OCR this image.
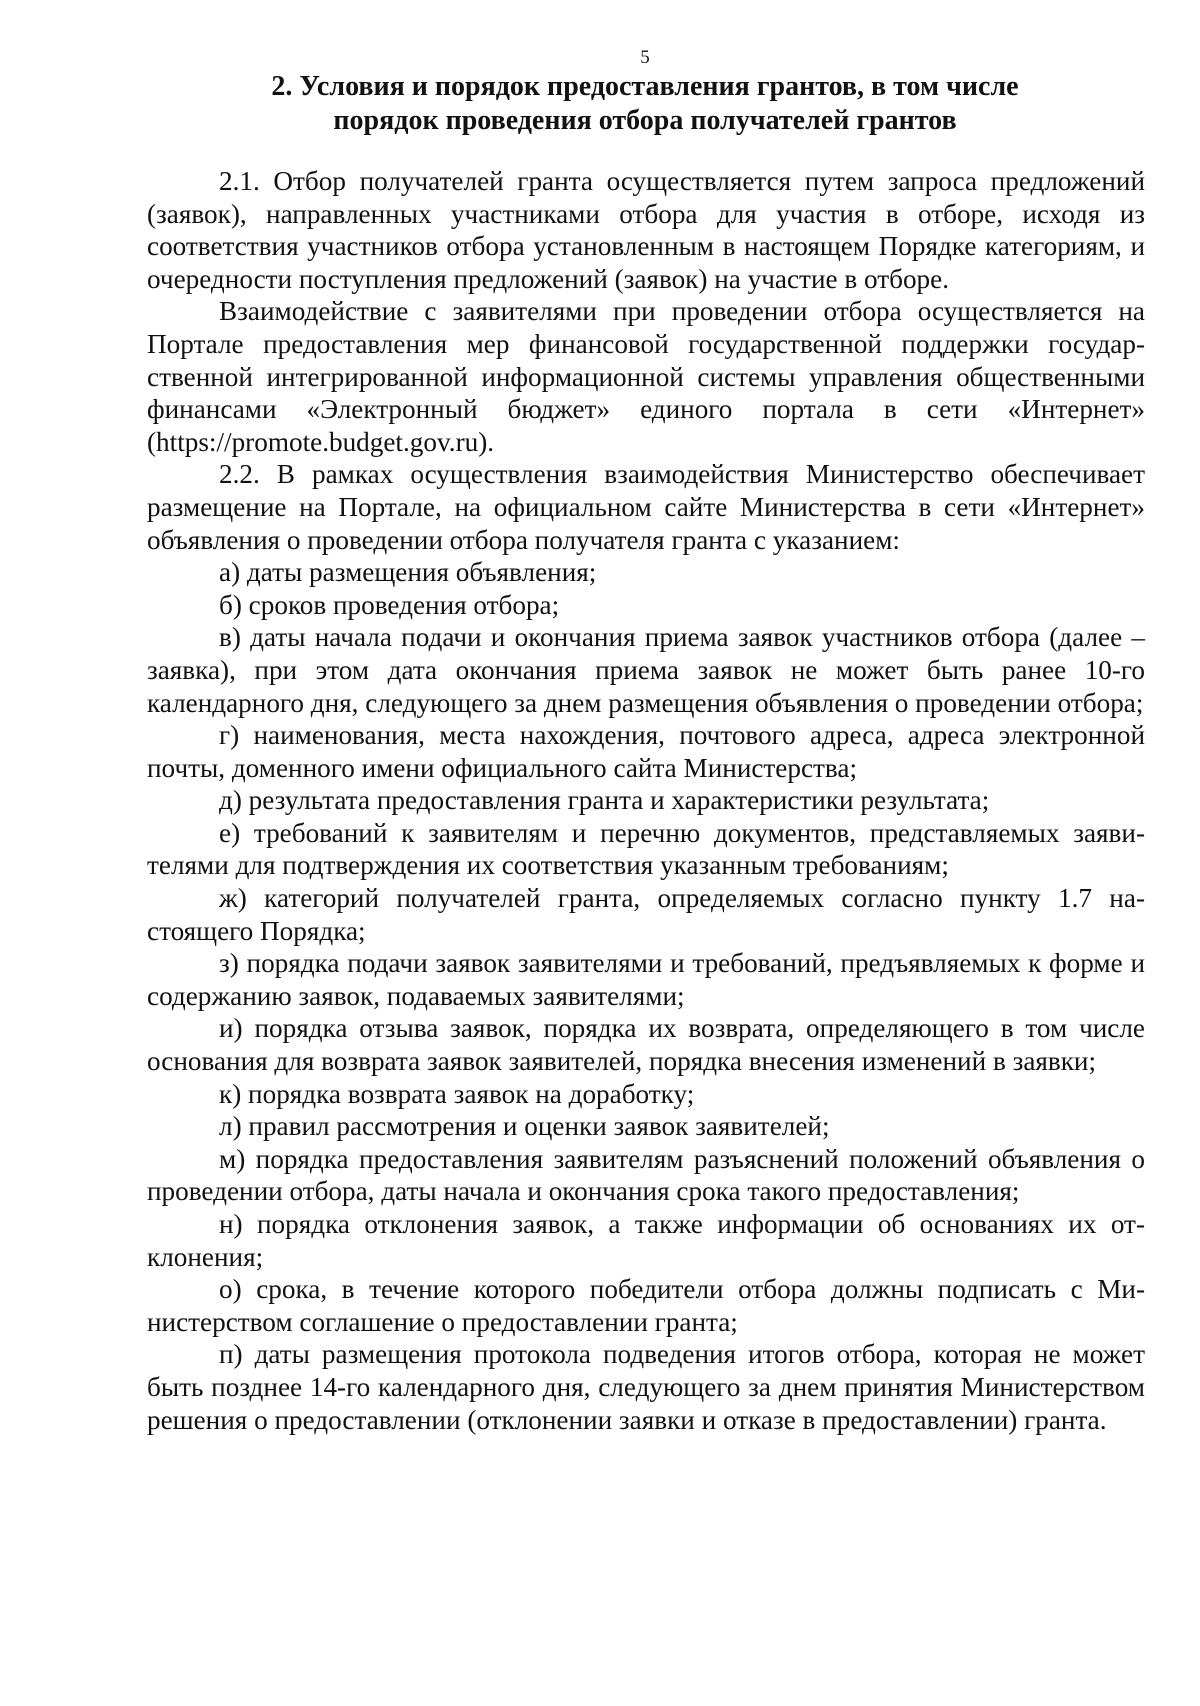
5
2. Условия и порядок предоставления грантов, в том числе
порядок проведения отбора получателей грантов

2.1. Отбор получателей гранта осуществляется путем запроса предложений (заявок), направленных участниками отбора для участия в отборе, исходя из соответствия участников отбора установленным в настоящем Порядке категориям, и очередности поступления предложений (заявок) на участие в отборе.

Взаимодействие с заявителями при проведении отбора осуществляется на Портале предоставления мер финансовой государственной поддержки государственной интегрированной информационной системы управления общественными финансами «Электронный бюджет» единого портала в сети «Интернет» (https://promote.budget.gov.ru).

2.2. В рамках осуществления взаимодействия Министерство обеспечивает размещение на Портале, на официальном сайте Министерства в сети «Интернет» объявления о проведении отбора получателя гранта с указанием:

а) даты размещения объявления;

б) сроков проведения отбора;

в) даты начала подачи и окончания приема заявок участников отбора (далее – заявка), при этом дата окончания приема заявок не может быть ранее 10-го календарного дня, следующего за днем размещения объявления о проведении отбора;

г) наименования, места нахождения, почтового адреса, адреса электронной почты, доменного имени официального сайта Министерства;

д) результата предоставления гранта и характеристики результата;

е) требований к заявителям и перечню документов, представляемых заявителями для подтверждения их соответствия указанным требованиям;

ж) категорий получателей гранта, определяемых согласно пункту 1.7 настоящего Порядка;

з) порядка подачи заявок заявителями и требований, предъявляемых к форме и содержанию заявок, подаваемых заявителями;

и) порядка отзыва заявок, порядка их возврата, определяющего в том числе основания для возврата заявок заявителей, порядка внесения изменений в заявки;

к) порядка возврата заявок на доработку;

л) правил рассмотрения и оценки заявок заявителей;

м) порядка предоставления заявителям разъяснений положений объявления о проведении отбора, даты начала и окончания срока такого предоставления;

н) порядка отклонения заявок, а также информации об основаниях их отклонения;

о) срока, в течение которого победители отбора должны подписать с Министерством соглашение о предоставлении гранта;

п) даты размещения протокола подведения итогов отбора, которая не может быть позднее 14-го календарного дня, следующего за днем принятия Министерством решения о предоставлении (отклонении заявки и отказе в предоставлении) гранта.
